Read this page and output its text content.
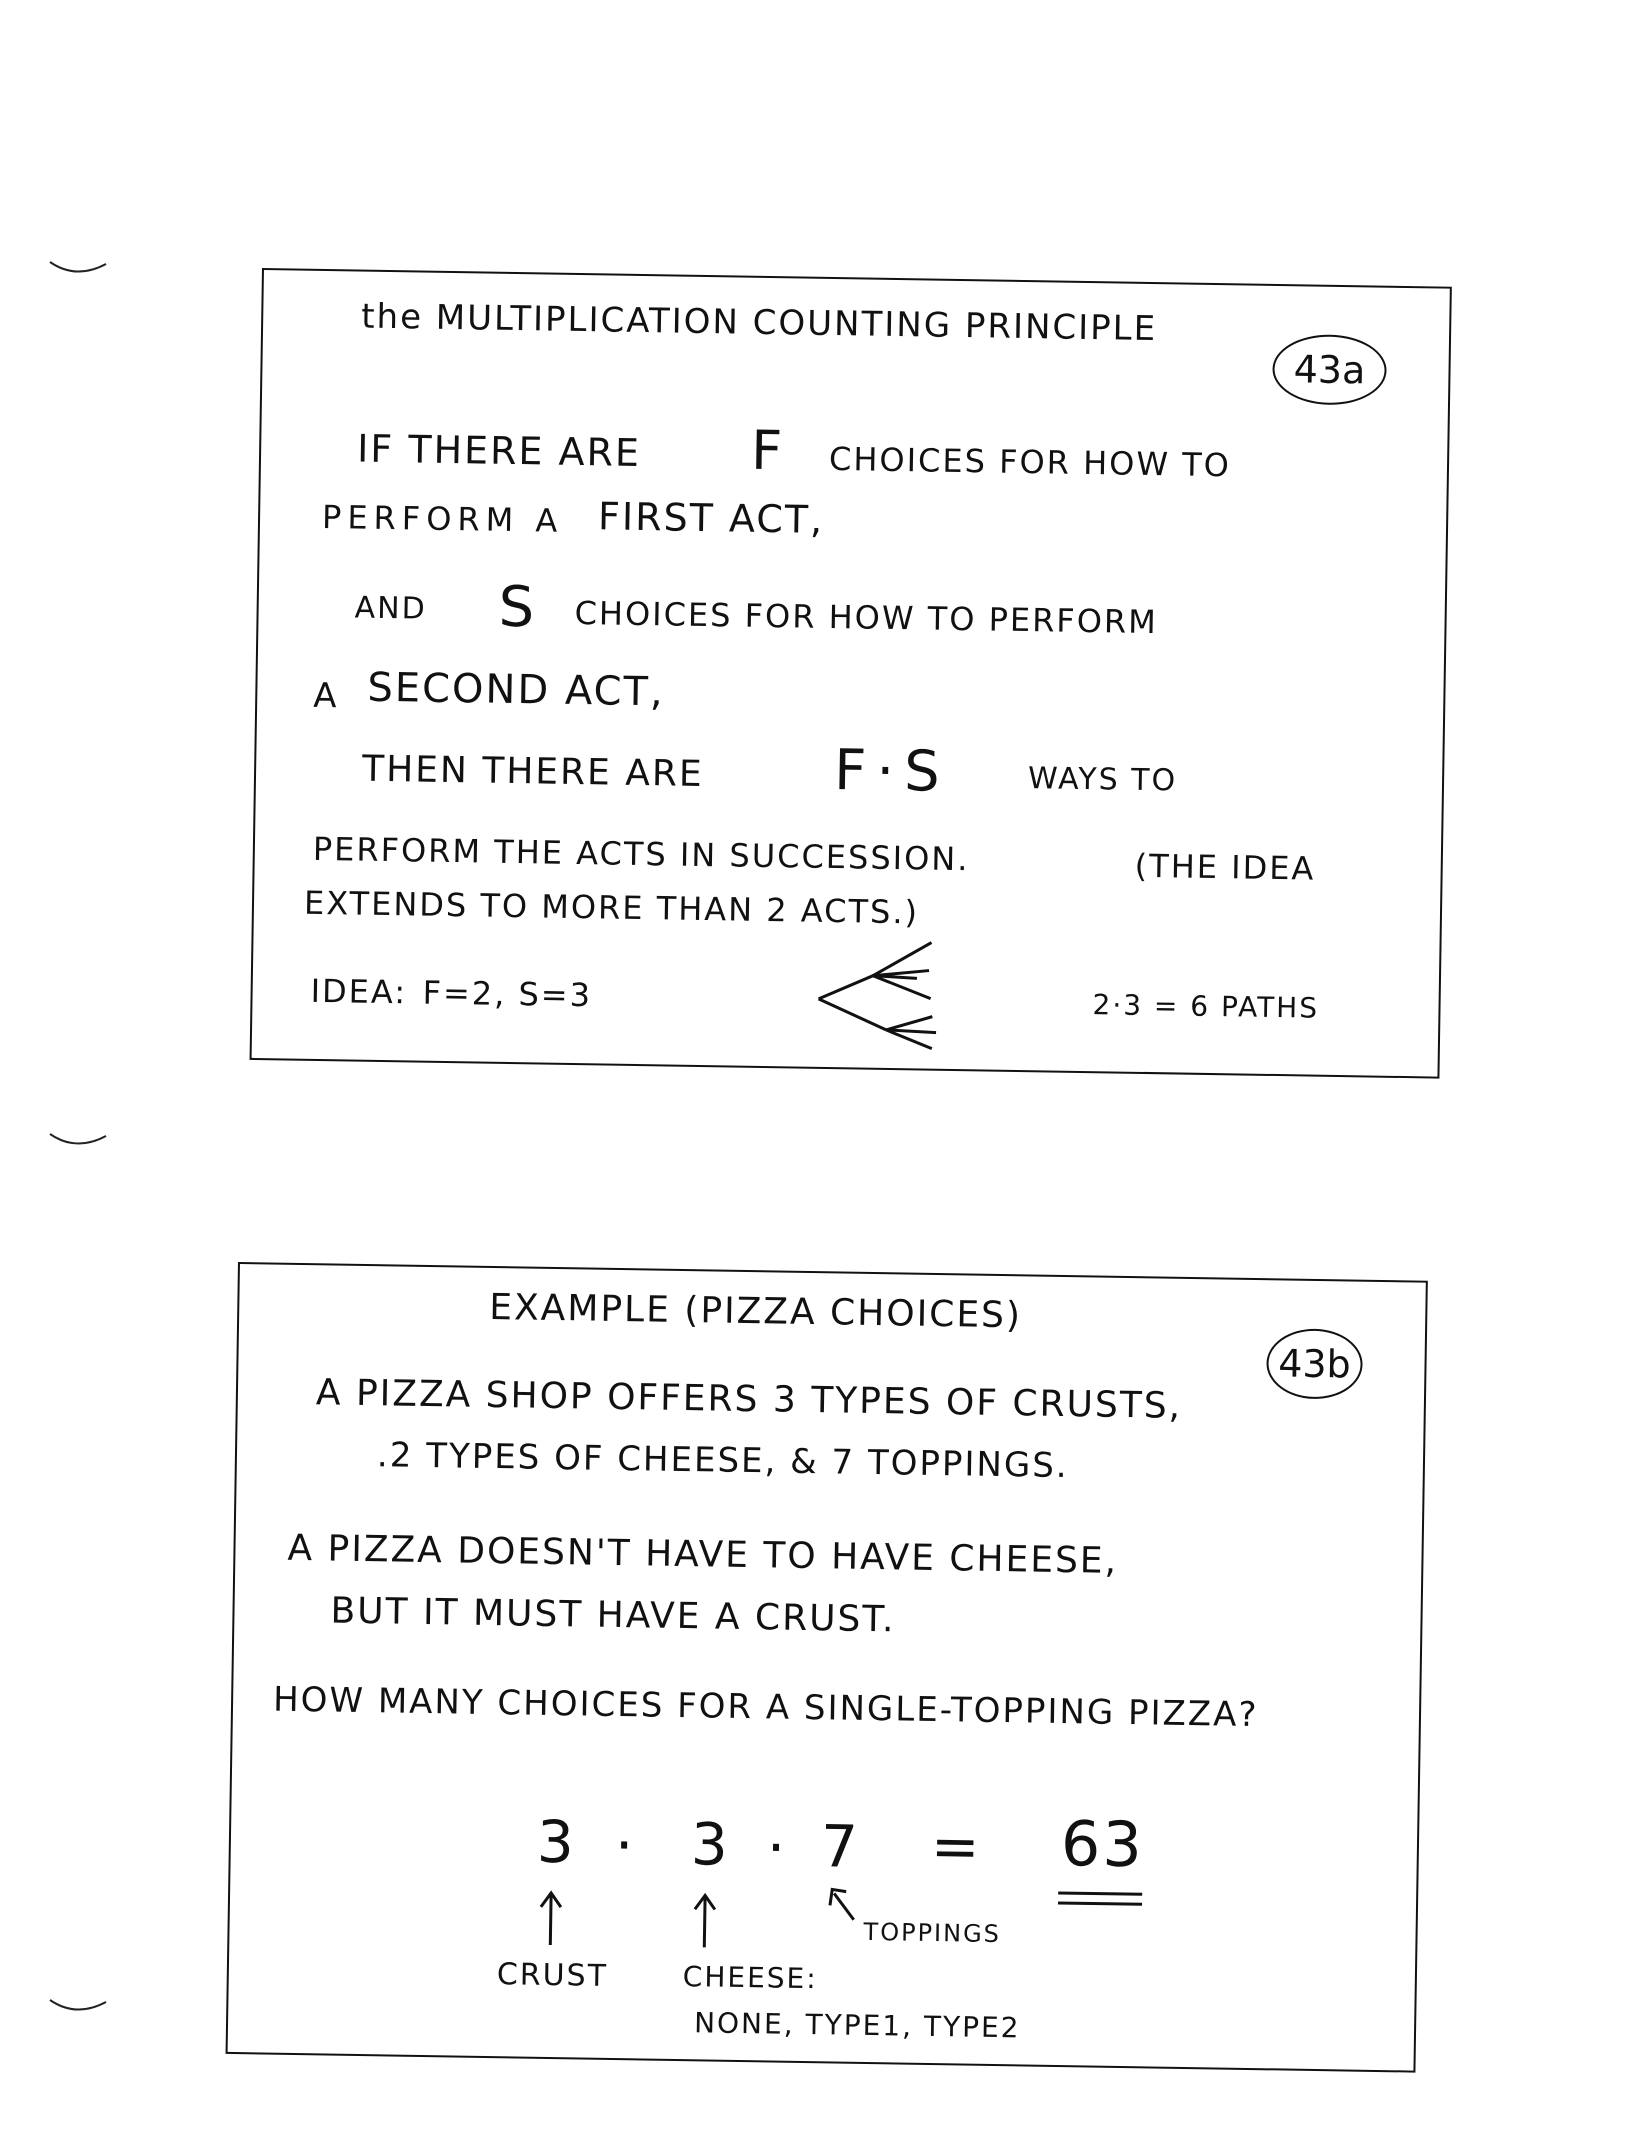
the MULTIPLICATION COUNTING PRINCIPLE
43a
IF THERE ARE F CHOICES FOR HOW TO
PERFORM A FIRST ACT,
AND S CHOICES FOR HOW TO PERFORM
A SECOND ACT,
THEN THERE ARE F·S	WAYS TO
PERFORM THE ACTS IN SUCCESSION.	(THE IDEA
EXTENDS TO MORE THAN 2 ACTS.)
IDEA: F=2, S=3	2·3 = 6 PATHS
EXAMPLE (PIZZA CHOICES)
43b
A PIZZA SHOP OFFERS 3 TYPES OF CRUSTS,
.2 TYPES OF CHEESE, & 7 TOPPINGS.
A PIZZA DOESN'T HAVE TO HAVE CHEESE,
BUT IT MUST HAVE A CRUST.
HOW MANY CHOICES FOR A SINGLE-TOPPING PIZZA?
3 · 3 · 7 = 63
TOPPINGS
CRUST	CHEESE:
NONE, TYPE1, TYPE2
